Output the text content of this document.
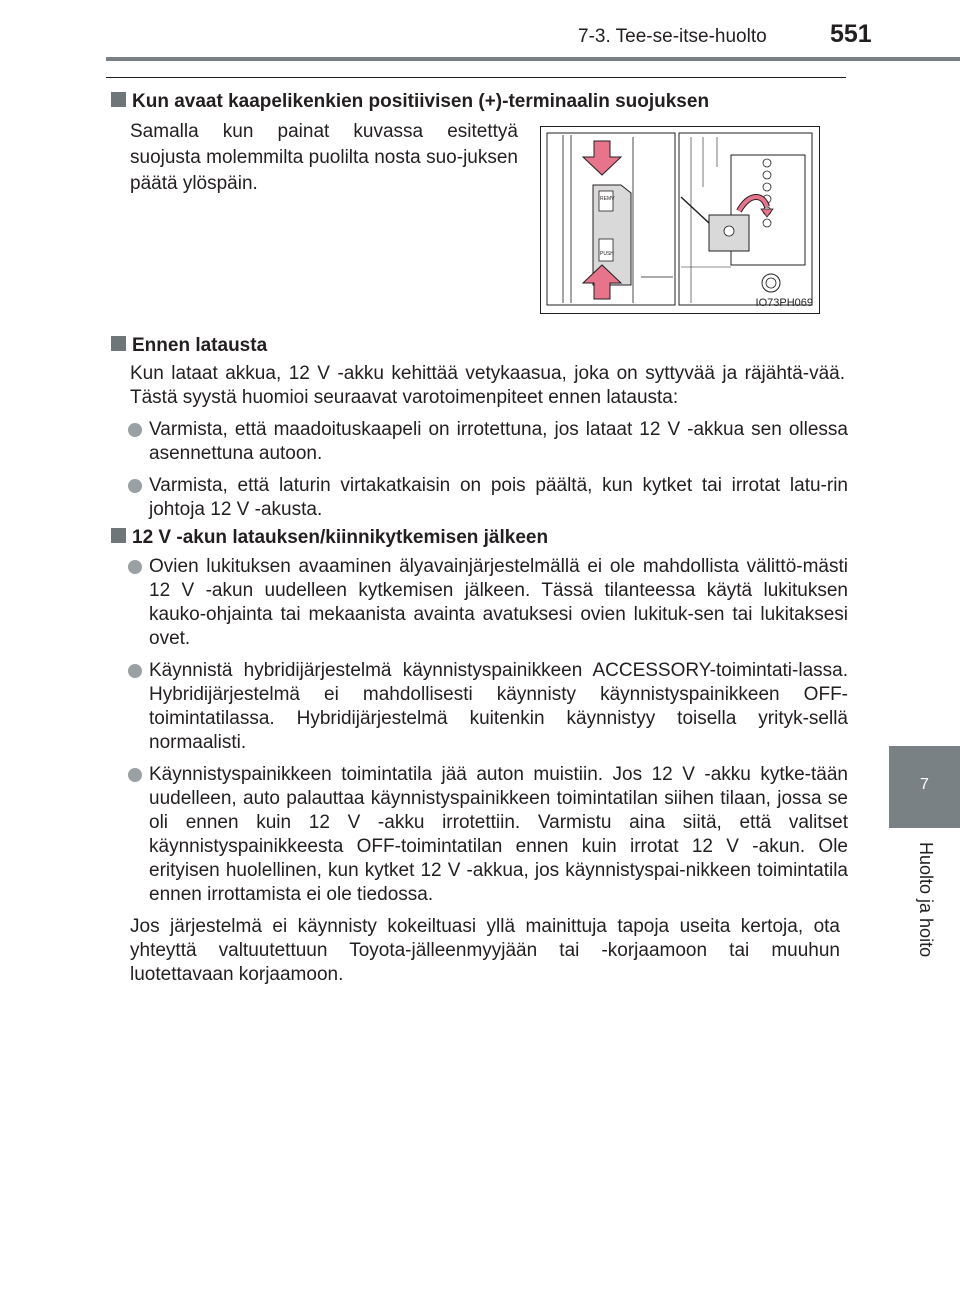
7-3. Tee-se-itse-huolto	551
7
Huolto ja hoito
Kun avaat kaapelikenkien positiivisen (+)-terminaalin suojuksen
Samalla kun painat kuvassa esitettyä suojusta molemmilta puolilta nosta suo-juksen päätä ylöspäin.
REMV
PUSH
IO73PH069
Ennen latausta
Kun lataat akkua, 12 V -akku kehittää vetykaasua, joka on syttyvää ja räjähtä-vää. Tästä syystä huomioi seuraavat varotoimenpiteet ennen latausta:
Varmista, että maadoituskaapeli on irrotettuna, jos lataat 12 V -akkua sen ollessa asennettuna autoon.
Varmista, että laturin virtakatkaisin on pois päältä, kun kytket tai irrotat latu-rin johtoja 12 V -akusta.
12 V -akun latauksen/kiinnikytkemisen jälkeen
Ovien lukituksen avaaminen älyavainjärjestelmällä ei ole mahdollista välittö-mästi 12 V -akun uudelleen kytkemisen jälkeen. Tässä tilanteessa käytä lukituksen kauko-ohjainta tai mekaanista avainta avatuksesi ovien lukituk-sen tai lukitaksesi ovet.
Käynnistä hybridijärjestelmä käynnistyspainikkeen ACCESSORY-toimintati-lassa. Hybridijärjestelmä ei mahdollisesti käynnisty käynnistyspainikkeen OFF-toimintatilassa. Hybridijärjestelmä kuitenkin käynnistyy toisella yrityk-sellä normaalisti.
Käynnistyspainikkeen toimintatila jää auton muistiin. Jos 12 V -akku kytke-tään uudelleen, auto palauttaa käynnistyspainikkeen toimintatilan siihen tilaan, jossa se oli ennen kuin 12 V -akku irrotettiin. Varmistu aina siitä, että valitset käynnistyspainikkeesta OFF-toimintatilan ennen kuin irrotat 12 V -akun. Ole erityisen huolellinen, kun kytket 12 V -akkua, jos käynnistyspai-nikkeen toimintatila ennen irrottamista ei ole tiedossa.
Jos järjestelmä ei käynnisty kokeiltuasi yllä mainittuja tapoja useita kertoja, ota yhteyttä valtuutettuun Toyota-jälleenmyyjään tai -korjaamoon tai muuhun luotettavaan korjaamoon.
